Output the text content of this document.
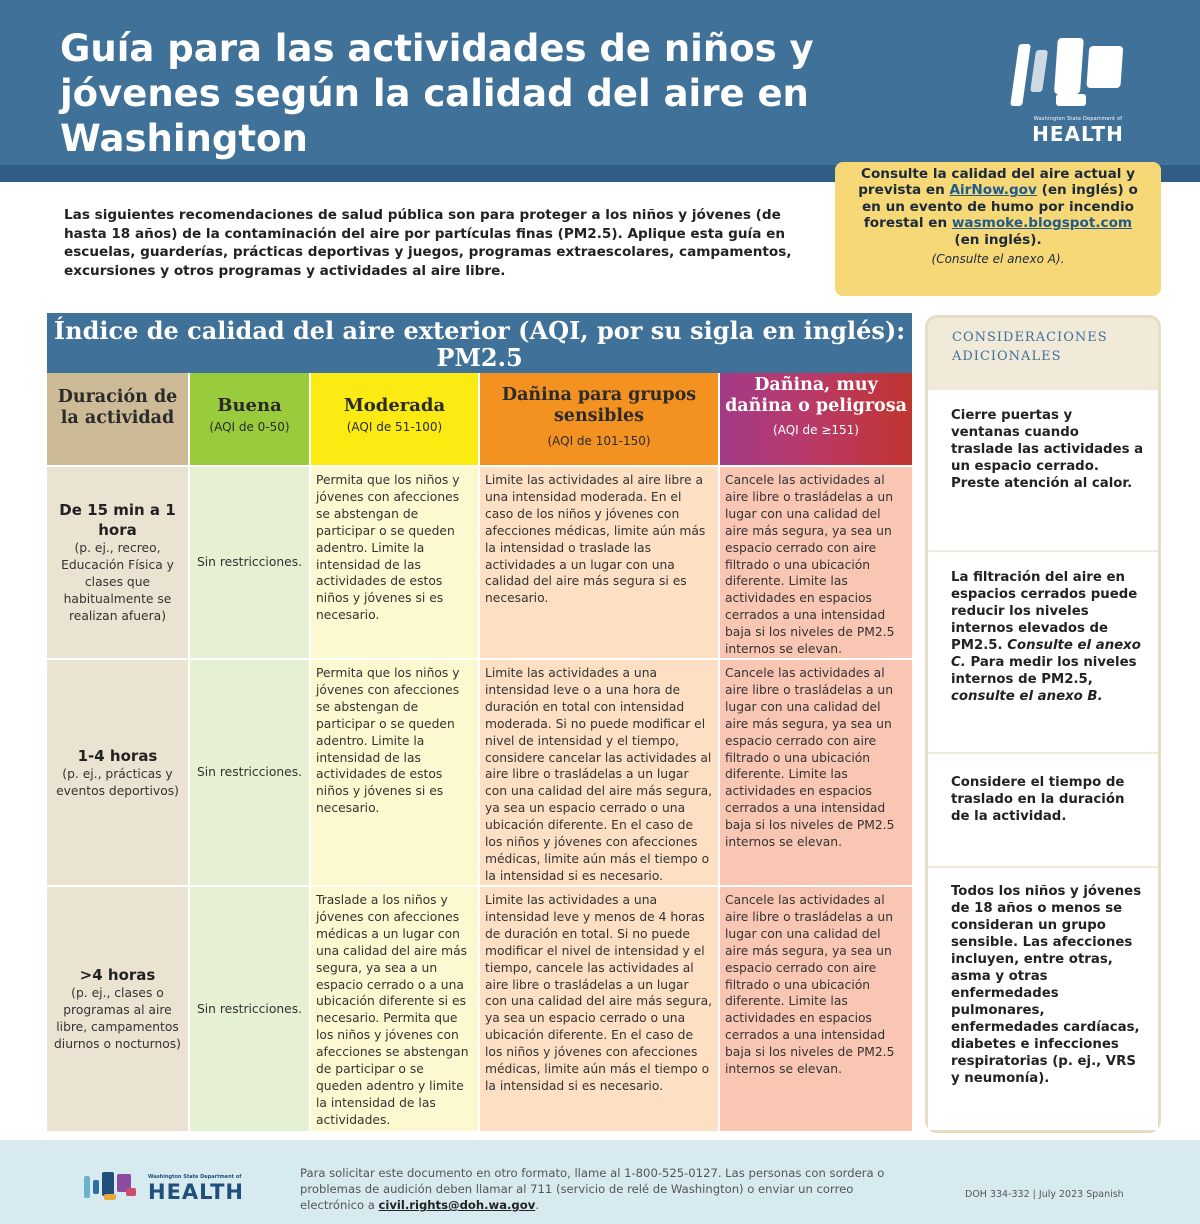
Guía para las actividades de niños y jóvenes según la calidad del aire en Washington	Washington State Department of
HEALTH
Consulte la calidad del aire actual y prevista en AirNow.gov (en inglés) o en un evento de humo por incendio forestal en wasmoke.blogspot.com (en inglés).
(Consulte el anexo A).

Las siguientes recomendaciones de salud pública son para proteger a los niños y jóvenes (de hasta 18 años) de la contaminación del aire por partículas finas (PM2.5). Aplique esta guía en escuelas, guarderías, prácticas deportivas y juegos, programas extraescolares, campamentos, excursiones y otros programas y actividades al aire libre.

Índice de calidad del aire exterior (AQI, por su sigla en inglés): PM2.5
Duración de la actividad
Buena
(AQI de 0-50)
Moderada
(AQI de 51-100)
Dañina para grupos sensibles
(AQI de 101-150)
Dañina, muy dañina o peligrosa
(AQI de ≥151)
De 15 min a 1 hora
(p. ej., recreo, Educación Física y clases que habitualmente se realizan afuera)
Sin restricciones.
Permita que los niños y jóvenes con afecciones se abstengan de participar o se queden adentro. Limite la intensidad de las actividades de estos niños y jóvenes si es necesario.
Limite las actividades al aire libre a una intensidad moderada. En el caso de los niños y jóvenes con afecciones médicas, limite aún más la intensidad o traslade las actividades a un lugar con una calidad del aire más segura si es necesario.
Cancele las actividades al aire libre o trasládelas a un lugar con una calidad del aire más segura, ya sea un espacio cerrado con aire filtrado o una ubicación diferente. Limite las actividades en espacios cerrados a una intensidad baja si los niveles de PM2.5 internos se elevan.
1-4 horas
(p. ej., prácticas y eventos deportivos)
Sin restricciones.
Permita que los niños y jóvenes con afecciones se abstengan de participar o se queden adentro. Limite la intensidad de las actividades de estos niños y jóvenes si es necesario.
Limite las actividades a una intensidad leve o a una hora de duración en total con intensidad moderada. Si no puede modificar el nivel de intensidad y el tiempo, considere cancelar las actividades al aire libre o trasládelas a un lugar con una calidad del aire más segura, ya sea un espacio cerrado o una ubicación diferente. En el caso de los niños y jóvenes con afecciones médicas, limite aún más el tiempo o la intensidad si es necesario.
Cancele las actividades al aire libre o trasládelas a un lugar con una calidad del aire más segura, ya sea un espacio cerrado con aire filtrado o una ubicación diferente. Limite las actividades en espacios cerrados a una intensidad baja si los niveles de PM2.5 internos se elevan.
>4 horas
(p. ej., clases o programas al aire libre, campamentos diurnos o nocturnos)
Sin restricciones.
Traslade a los niños y jóvenes con afecciones médicas a un lugar con una calidad del aire más segura, ya sea a un espacio cerrado o a una ubicación diferente si es necesario. Permita que los niños y jóvenes con afecciones se abstengan de participar o se queden adentro y limite la intensidad de las actividades.
Limite las actividades a una intensidad leve y menos de 4 horas de duración en total. Si no puede modificar el nivel de intensidad y el tiempo, cancele las actividades al aire libre o trasládelas a un lugar con una calidad del aire más segura, ya sea un espacio cerrado o una ubicación diferente. En el caso de los niños y jóvenes con afecciones médicas, limite aún más el tiempo o la intensidad si es necesario.
Cancele las actividades al aire libre o trasládelas a un lugar con una calidad del aire más segura, ya sea un espacio cerrado con aire filtrado o una ubicación diferente. Limite las actividades en espacios cerrados a una intensidad baja si los niveles de PM2.5 internos se elevan.
CONSIDERACIONES ADICIONALES
Cierre puertas y ventanas cuando traslade las actividades a un espacio cerrado. Preste atención al calor.
La filtración del aire en espacios cerrados puede reducir los niveles internos elevados de PM2.5. Consulte el anexo C. Para medir los niveles internos de PM2.5, consulte el anexo B.
Considere el tiempo de traslado en la duración de la actividad.
Todos los niños y jóvenes de 18 años o menos se consideran un grupo sensible. Las afecciones incluyen, entre otras, asma y otras enfermedades pulmonares, enfermedades cardíacas, diabetes e infecciones respiratorias (p. ej., VRS y neumonía).
Washington State Department of
HEALTH
Para solicitar este documento en otro formato, llame al 1-800-525-0127. Las personas con sordera o problemas de audición deben llamar al 711 (servicio de relé de Washington) o enviar un correo electrónico a civil.rights@doh.wa.gov.
DOH 334-332 | July 2023 Spanish
